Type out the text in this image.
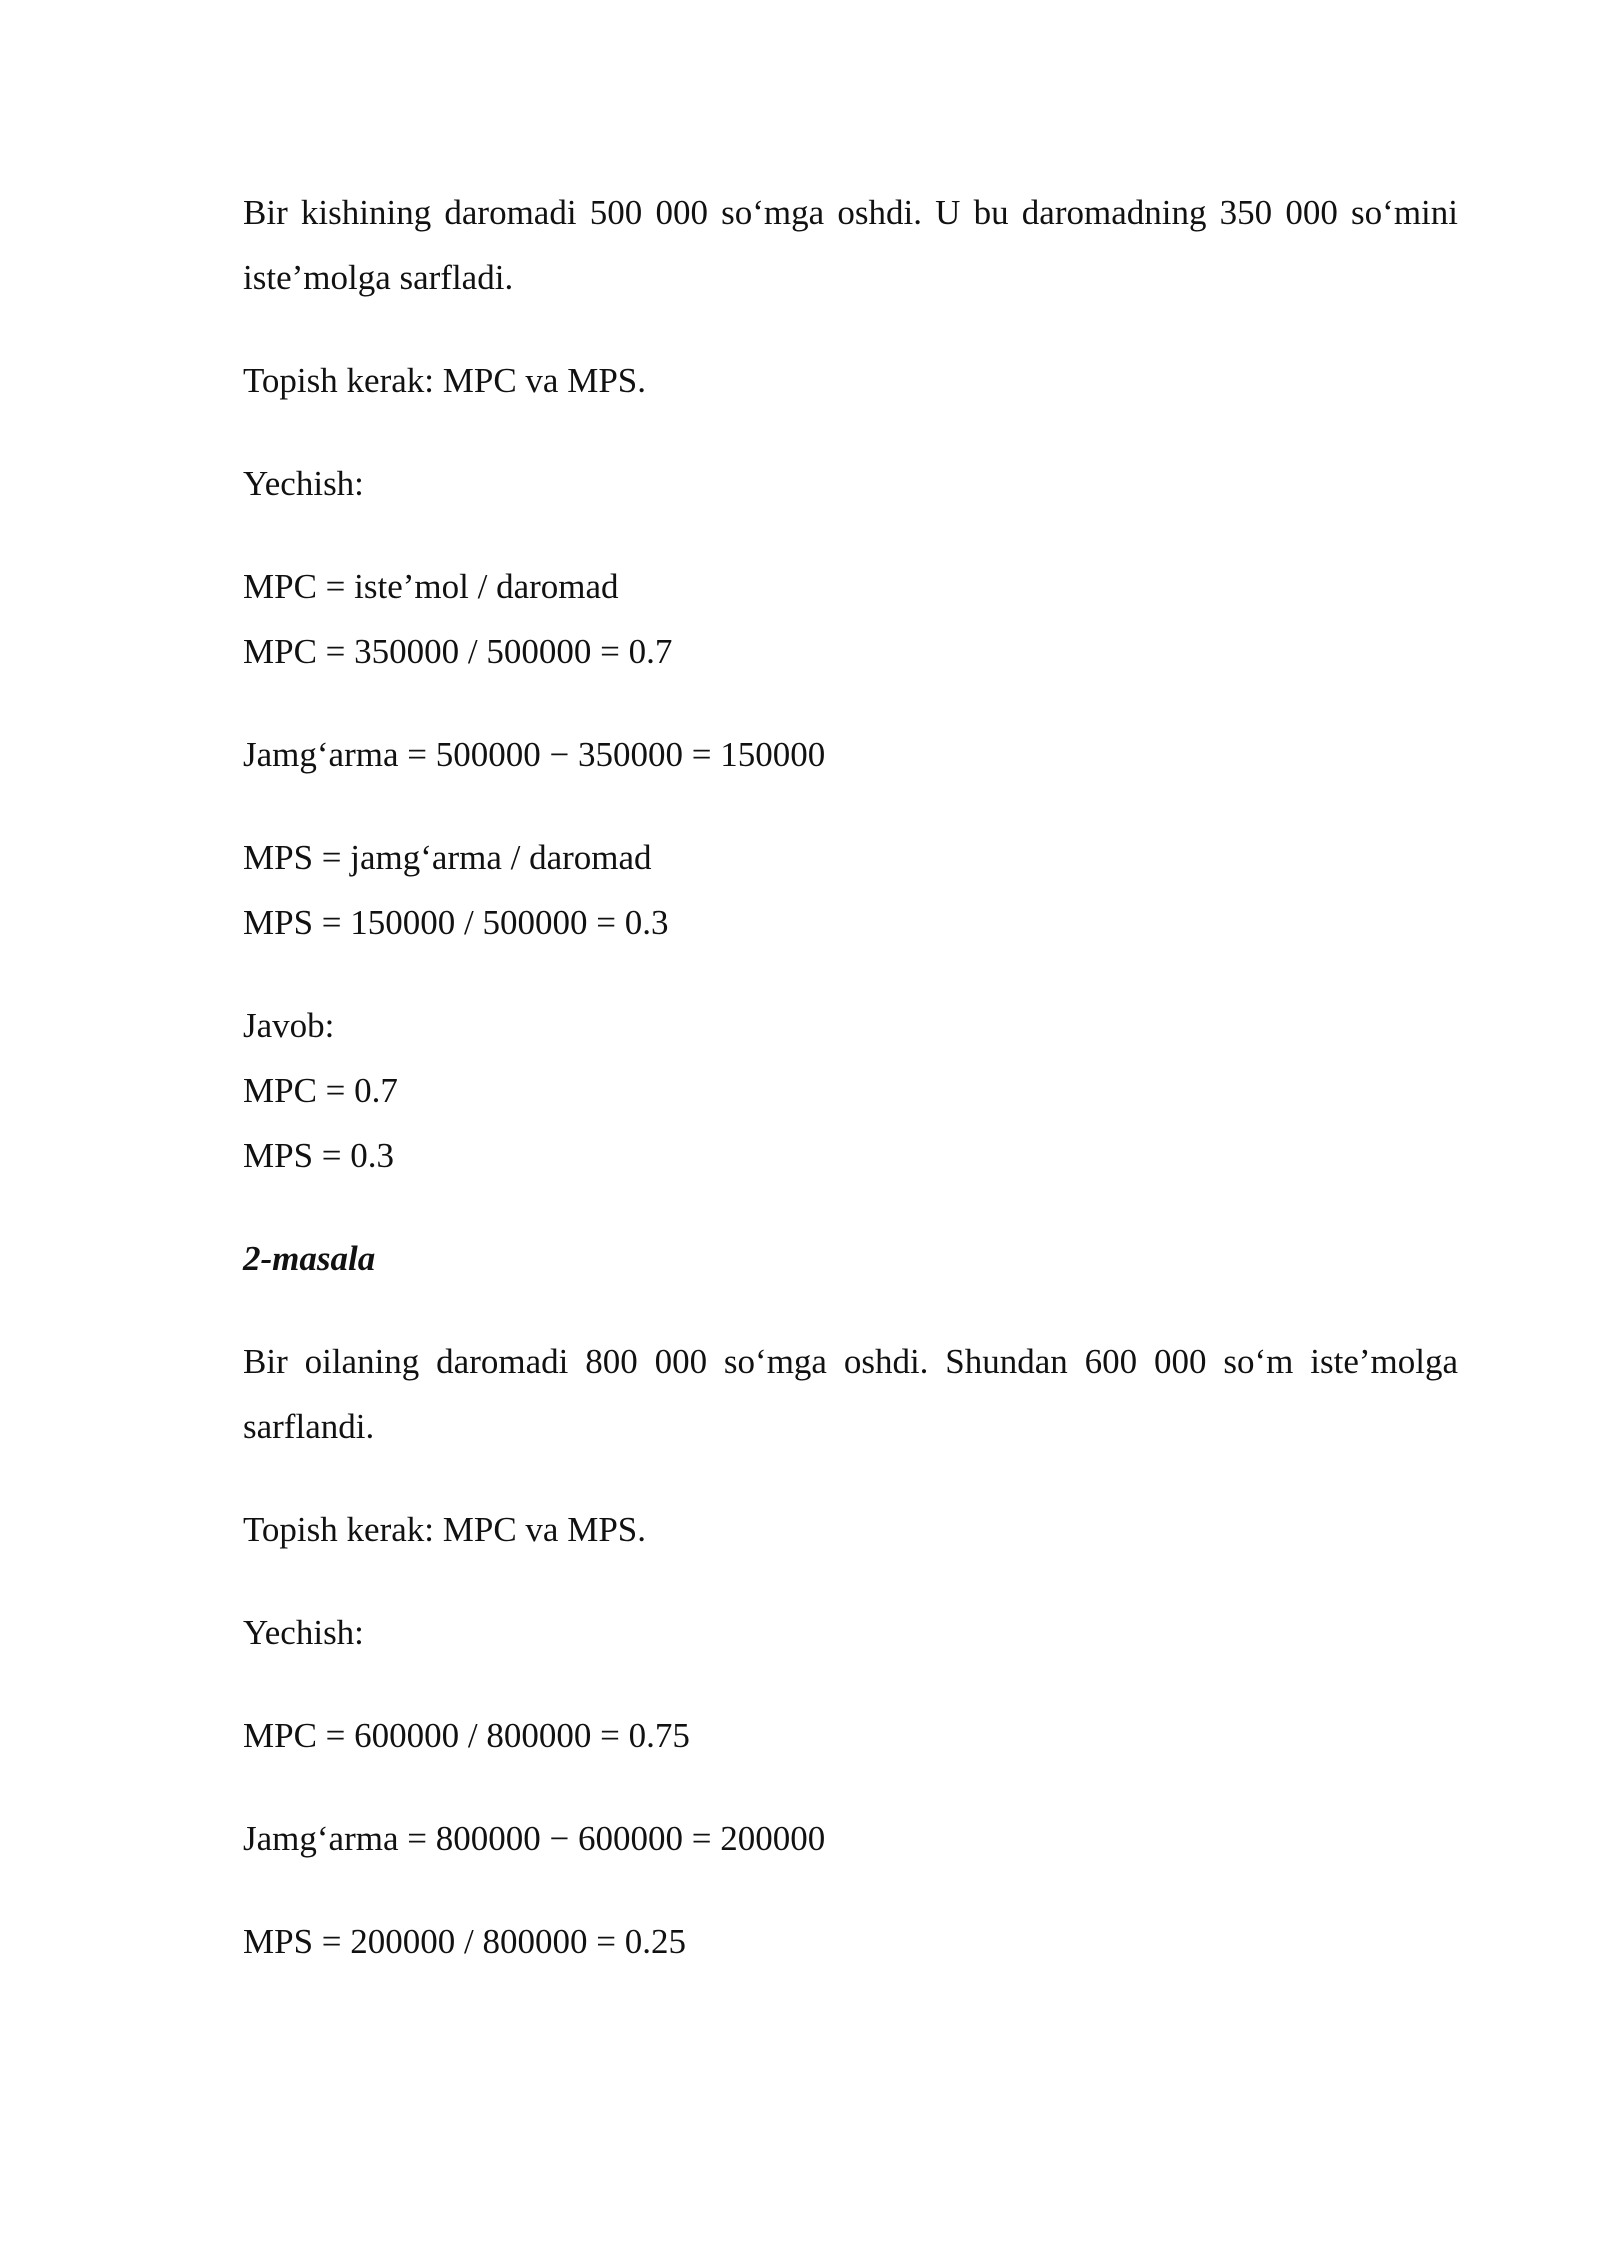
Bir kishining daromadi 500 000 so‘mga oshdi. U bu daromadning 350 000 so‘mini iste’molga sarfladi.

Topish kerak: MPC va MPS.

Yechish:

MPC = iste’mol / daromad
MPC = 350000 / 500000 = 0.7

Jamg‘arma = 500000 − 350000 = 150000

MPS = jamg‘arma / daromad
MPS = 150000 / 500000 = 0.3

Javob:
MPC = 0.7
MPS = 0.3

2-masala

Bir oilaning daromadi 800 000 so‘mga oshdi. Shundan 600 000 so‘m iste’molga sarflandi.

Topish kerak: MPC va MPS.

Yechish:

MPC = 600000 / 800000 = 0.75

Jamg‘arma = 800000 − 600000 = 200000

MPS = 200000 / 800000 = 0.25
